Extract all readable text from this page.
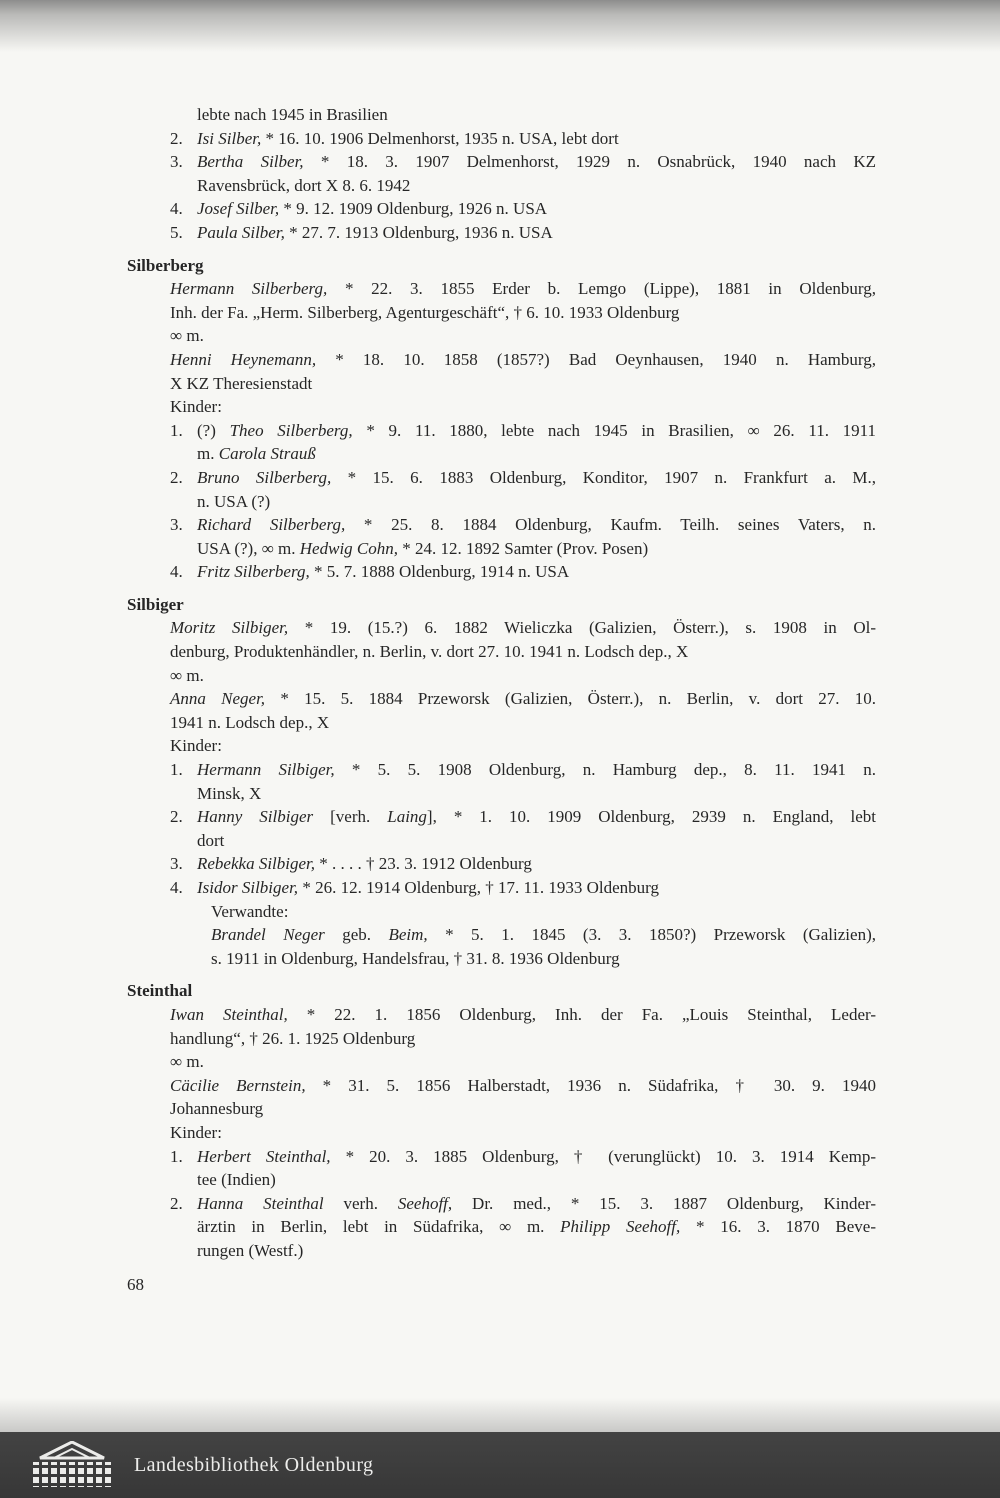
lebte nach 1945 in Brasilien
2. Isi Silber, * 16. 10. 1906 Delmenhorst, 1935 n. USA, lebt dort
3. Bertha Silber, * 18. 3. 1907 Delmenhorst, 1929 n. Osnabrück, 1940 nach KZ
Ravensbrück, dort X 8. 6. 1942
4. Josef Silber, * 9. 12. 1909 Oldenburg, 1926 n. USA
5. Paula Silber, * 27. 7. 1913 Oldenburg, 1936 n. USA
Silberberg
Hermann Silberberg, * 22. 3. 1855 Erder b. Lemgo (Lippe), 1881 in Oldenburg,
Inh. der Fa. „Herm. Silberberg, Agenturgeschäft“, † 6. 10. 1933 Oldenburg
∞ m.
Henni Heynemann, * 18. 10. 1858 (1857?) Bad Oeynhausen, 1940 n. Hamburg,
X KZ Theresienstadt
Kinder:
1. (?) Theo Silberberg, * 9. 11. 1880, lebte nach 1945 in Brasilien, ∞ 26. 11. 1911
m. Carola Strauß
2. Bruno Silberberg, * 15. 6. 1883 Oldenburg, Konditor, 1907 n. Frankfurt a. M.,
n. USA (?)
3. Richard Silberberg, * 25. 8. 1884 Oldenburg, Kaufm. Teilh. seines Vaters, n.
USA (?), ∞ m. Hedwig Cohn, * 24. 12. 1892 Samter (Prov. Posen)
4. Fritz Silberberg, * 5. 7. 1888 Oldenburg, 1914 n. USA
Silbiger
Moritz Silbiger, * 19. (15.?) 6. 1882 Wieliczka (Galizien, Österr.), s. 1908 in Ol-
denburg, Produktenhändler, n. Berlin, v. dort 27. 10. 1941 n. Lodsch dep., X
∞ m.
Anna Neger, * 15. 5. 1884 Przeworsk (Galizien, Österr.), n. Berlin, v. dort 27. 10.
1941 n. Lodsch dep., X
Kinder:
1. Hermann Silbiger, * 5. 5. 1908 Oldenburg, n. Hamburg dep., 8. 11. 1941 n.
Minsk, X
2. Hanny Silbiger [verh. Laing], * 1. 10. 1909 Oldenburg, 2939 n. England, lebt
dort
3. Rebekka Silbiger, * . . . . † 23. 3. 1912 Oldenburg
4. Isidor Silbiger, * 26. 12. 1914 Oldenburg, † 17. 11. 1933 Oldenburg
Verwandte:
Brandel Neger geb. Beim, * 5. 1. 1845 (3. 3. 1850?) Przeworsk (Galizien),
s. 1911 in Oldenburg, Handelsfrau, † 31. 8. 1936 Oldenburg
Steinthal
Iwan Steinthal, * 22. 1. 1856 Oldenburg, Inh. der Fa. „Louis Steinthal, Leder-
handlung“, † 26. 1. 1925 Oldenburg
∞ m.
Cäcilie Bernstein, * 31. 5. 1856 Halberstadt, 1936 n. Südafrika, † 30. 9. 1940
Johannesburg
Kinder:
1. Herbert Steinthal, * 20. 3. 1885 Oldenburg, † (verunglückt) 10. 3. 1914 Kemp-
tee (Indien)
2. Hanna Steinthal verh. Seehoff, Dr. med., * 15. 3. 1887 Oldenburg, Kinder-
ärztin in Berlin, lebt in Südafrika, ∞ m. Philipp Seehoff, * 16. 3. 1870 Beve-
rungen (Westf.)
68
Landesbibliothek Oldenburg
